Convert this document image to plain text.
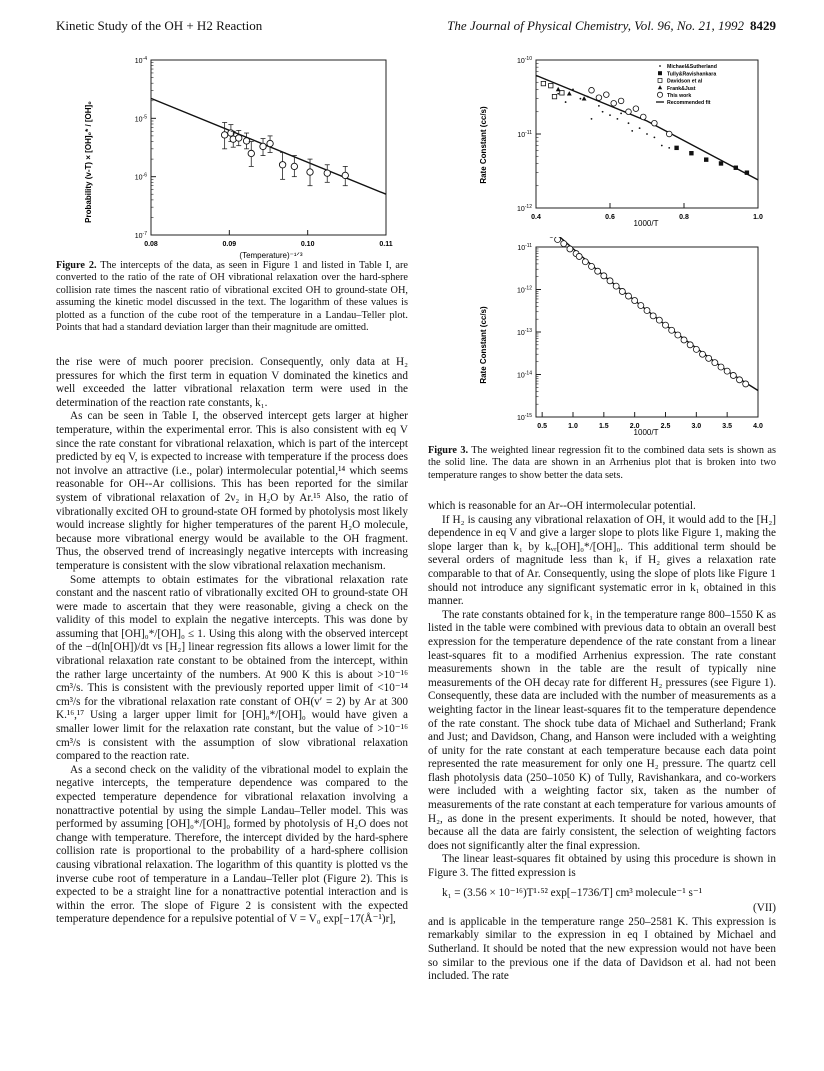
Kinetic Study of the OH + H2 Reaction	The Journal of Physical Chemistry, Vol. 96, No. 21, 1992 8429
Probability (v-T) × [OH]₀* / [OH]₀
(Temperature)⁻¹ᐟ³
$10^{-7}$
$10^{-6}$
$10^{-5}$
$10^{-4}$
0.08	0.09	0.10	0.11
Figure 2. The intercepts of the data, as seen in Figure 1 and listed in Table I, are converted to the ratio of the rate of OH vibrational relaxation over the hard-sphere collision rate times the nascent ratio of vibrational excited OH to ground-state OH, assuming the kinetic model discussed in the text. The logarithm of these values is plotted as a function of the cube root of the temperature in a Landau–Teller plot. Points that had a standard deviation larger than their magnitude are omitted.
Rate Constant (cc/s)
1000/T
$10^{-12}$
$10^{-11}$
$10^{-10}$
0.4	0.6	0.8	1.0
Michael&Sutherland
Tully&Ravishankara
Davidson et al
Frank&Just
This work
Recommended fit
Rate Constant (cc/s)
1000/T
$10^{-15}$
$10^{-14}$
$10^{-13}$
$10^{-12}$
$10^{-11}$
0.5	1.0	1.5	2.0	2.5	3.0	3.5	4.0
Figure 3. The weighted linear regression fit to the combined data sets is shown as the solid line. The data are shown in an Arrhenius plot that is broken into two temperature ranges to show better the data sets.

the rise were of much poorer precision. Consequently, only data at H₂ pressures for which the first term in equation V dominated the kinetics and well exceeded the latter vibrational relaxation term were used in the determination of the reaction rate constants, k₁.

As can be seen in Table I, the observed intercept gets larger at higher temperature, within the experimental error. This is also consistent with eq V since the rate constant for vibrational relaxation, which is part of the intercept predicted by eq V, is expected to increase with temperature if the process does not involve an attractive (i.e., polar) intermolecular potential,¹⁴ which seems reasonable for OH‑‑Ar collisions. This has been reported for the similar system of vibrational relaxation of 2ν₂ in H₂O by Ar.¹⁵ Also, the ratio of vibrationally excited OH to ground-state OH formed by photolysis most likely would increase slightly for higher temperatures of the parent H₂O molecule, because more vibrational energy would be available to the OH fragment. Thus, the observed trend of increasingly negative intercepts with increasing temperature is consistent with the slow vibrational relaxation mechanism.

Some attempts to obtain estimates for the vibrational relaxation rate constant and the nascent ratio of vibrationally excited OH to ground-state OH were made to ascertain that they were reasonable, giving a check on the validity of this model to explain the negative intercepts. This was done by assuming that [OH]₀*/[OH]₀ ≤ 1. Using this along with the observed intercept of the −d(ln[OH])/dt vs [H₂] linear regression fits allows a lower limit for the vibrational relaxation rate constant to be obtained from the intercept, within the rather large uncertainty of the numbers. At 900 K this is about >10⁻¹⁶ cm³/s. This is consistent with the previously reported upper limit of <10⁻¹⁴ cm³/s for the vibrational relaxation rate constant of OH(v′ = 2) by Ar at 300 K.¹⁶,¹⁷ Using a larger upper limit for [OH]₀*/[OH]₀ would have given a smaller lower limit for the relaxation rate constant, but the value of >10⁻¹⁶ cm³/s is consistent with the assumption of slow vibrational relaxation compared to the reaction rate.

As a second check on the validity of the vibrational model to explain the negative intercepts, the temperature dependence was compared to the expected temperature dependence for vibrational relaxation involving a nonattractive potential by using the simple Landau–Teller model. This was performed by assuming [OH]₀*/[OH]₀ formed by photolysis of H₂O does not change with temperature. Therefore, the intercept divided by the hard-sphere collision rate is proportional to the probability of a hard-sphere collision causing vibrational relaxation. The logarithm of this quantity is plotted vs the inverse cube root of temperature in a Landau–Teller plot (Figure 2). This is expected to be a straight line for a nonattractive potential interaction and is within the error. The slope of Figure 2 is consistent with the expected temperature dependence for a repulsive potential of V = V₀ exp[−17(Å⁻¹)r],

which is reasonable for an Ar‑‑OH intermolecular potential.

If H₂ is causing any vibrational relaxation of OH, it would add to the [H₂] dependence in eq V and give a larger slope to plots like Figure 1, making the slope larger than k₁ by kᵥᵣ[OH]₀*/[OH]₀. This additional term should be several orders of magnitude less than k₁ if H₂ gives a relaxation rate comparable to that of Ar. Consequently, using the slope of plots like Figure 1 should not introduce any significant systematic error in k₁ obtained in this manner.

The rate constants obtained for k₁ in the temperature range 800–1550 K as listed in the table were combined with previous data to obtain an overall best expression for the temperature dependence of the rate constant from a linear least-squares fit to a modified Arrhenius expression. The rate constant measurements shown in the table are the result of typically nine measurements of the OH decay rate for different H₂ pressures (see Figure 1). Consequently, these data are included with the number of measurements as a weighting factor in the linear least-squares fit to the temperature dependence of the rate constant. The shock tube data of Michael and Sutherland; Frank and Just; and Davidson, Chang, and Hanson were included with a weighting of unity for the rate constant at each temperature because each data point represented the rate measurement for only one H₂ pressure. The quartz cell flash photolysis data (250–1050 K) of Tully, Ravishankara, and co-workers were included with a weighting factor six, taken as the number of measurements of the rate constant at each temperature for various amounts of H₂, as done in the present experiments. It should be noted, however, that because all the data are fairly consistent, the selection of weighting factors does not significantly alter the final expression.

The linear least-squares fit obtained by using this procedure is shown in Figure 3. The fitted expression is

k₁ = (3.56 × 10⁻¹⁶)T¹·⁵² exp[−1736/T] cm³ molecule⁻¹ s⁻¹
(VII)

and is applicable in the temperature range 250–2581 K. This expression is remarkably similar to the expression in eq I obtained by Michael and Sutherland. It should be noted that the new expression would not have been so similar to the previous one if the data of Davidson et al. had not been included. The rate
